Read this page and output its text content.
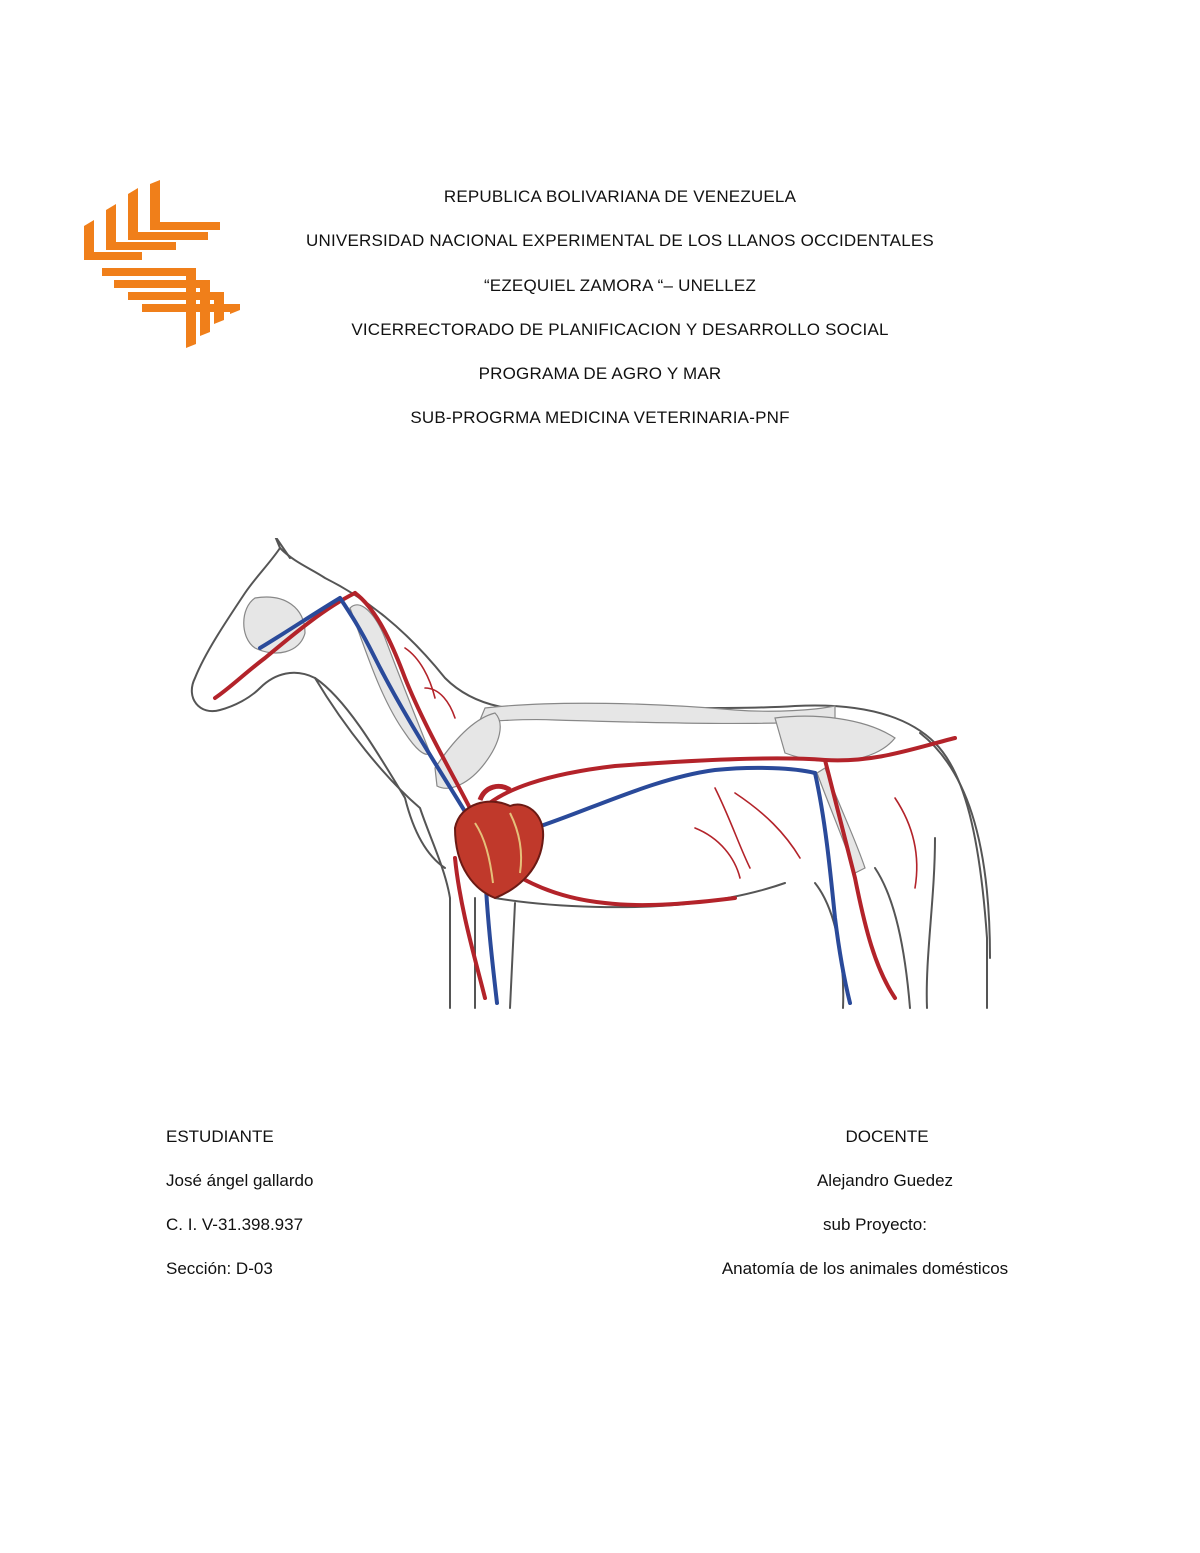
REPUBLICA BOLIVARIANA DE VENEZUELA
UNIVERSIDAD NACIONAL EXPERIMENTAL DE LOS LLANOS OCCIDENTALES
“EZEQUIEL ZAMORA “– UNELLEZ
VICERRECTORADO DE PLANIFICACION Y DESARROLLO SOCIAL
PROGRAMA DE AGRO Y MAR
SUB-PROGRMA MEDICINA VETERINARIA-PNF
ESTUDIANTE
José ángel gallardo
C. I. V-31.398.937
Sección: D-03
DOCENTE
Alejandro Guedez
sub Proyecto:
Anatomía de los animales domésticos
